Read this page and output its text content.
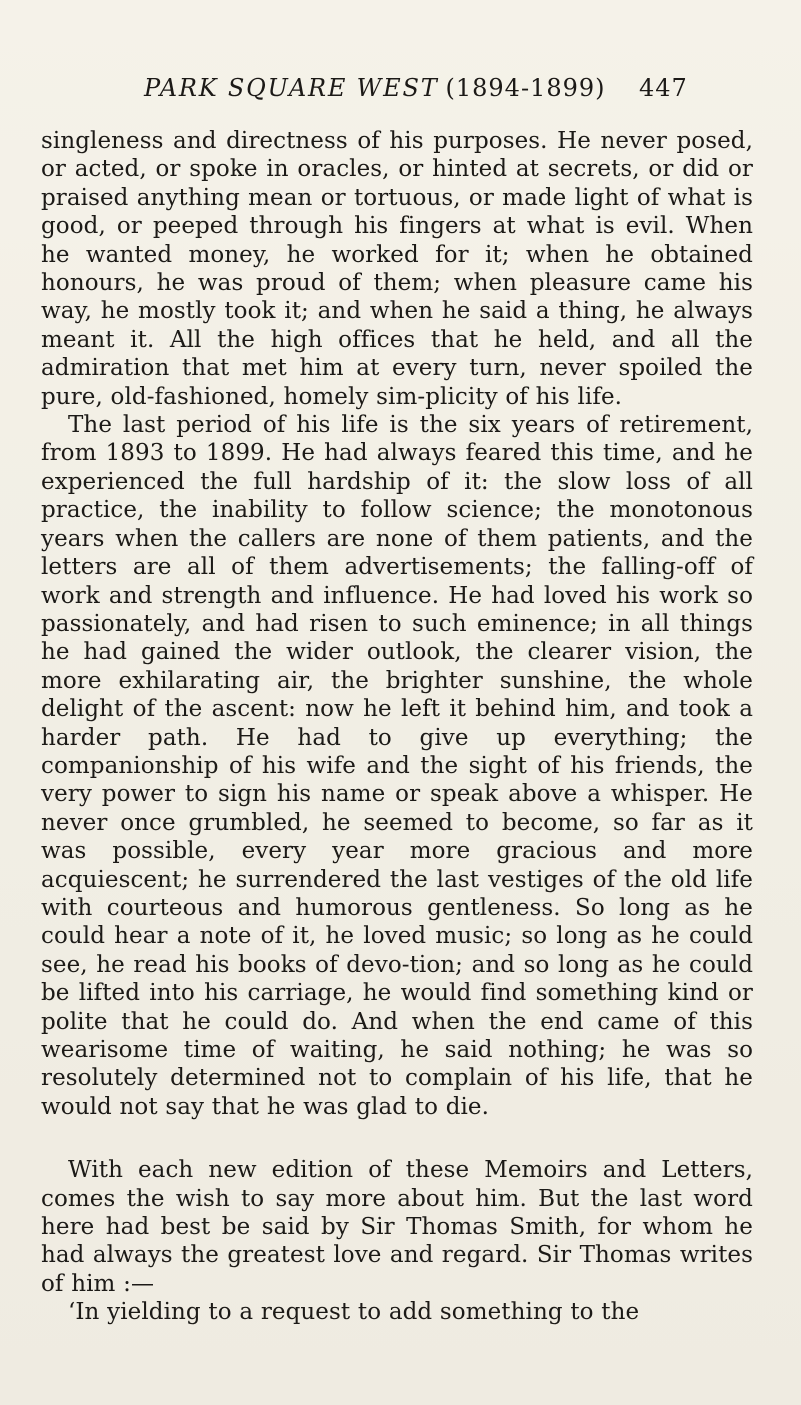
PARK SQUARE WEST (1894-1899) 447

singleness and directness of his purposes. He never posed, or acted, or spoke in oracles, or hinted at secrets, or did or praised anything mean or tortuous, or made light of what is good, or peeped through his fingers at what is evil. When he wanted money, he worked for it; when he obtained honours, he was proud of them; when pleasure came his way, he mostly took it; and when he said a thing, he always meant it. All the high offices that he held, and all the admiration that met him at every turn, never spoiled the pure, old-fashioned, homely sim-plicity of his life.

The last period of his life is the six years of retirement, from 1893 to 1899. He had always feared this time, and he experienced the full hardship of it: the slow loss of all practice, the inability to follow science; the monotonous years when the callers are none of them patients, and the letters are all of them advertisements; the falling-off of work and strength and influence. He had loved his work so passionately, and had risen to such eminence; in all things he had gained the wider outlook, the clearer vision, the more exhilarating air, the brighter sunshine, the whole delight of the ascent: now he left it behind him, and took a harder path. He had to give up everything; the companionship of his wife and the sight of his friends, the very power to sign his name or speak above a whisper. He never once grumbled, he seemed to become, so far as it was possible, every year more gracious and more acquiescent; he surrendered the last vestiges of the old life with courteous and humorous gentleness. So long as he could hear a note of it, he loved music; so long as he could see, he read his books of devo-tion; and so long as he could be lifted into his carriage, he would find something kind or polite that he could do. And when the end came of this wearisome time of waiting, he said nothing; he was so resolutely determined not to complain of his life, that he would not say that he was glad to die.

With each new edition of these Memoirs and Letters, comes the wish to say more about him. But the last word here had best be said by Sir Thomas Smith, for whom he had always the greatest love and regard. Sir Thomas writes of him :—

‘In yielding to a request to add something to the
